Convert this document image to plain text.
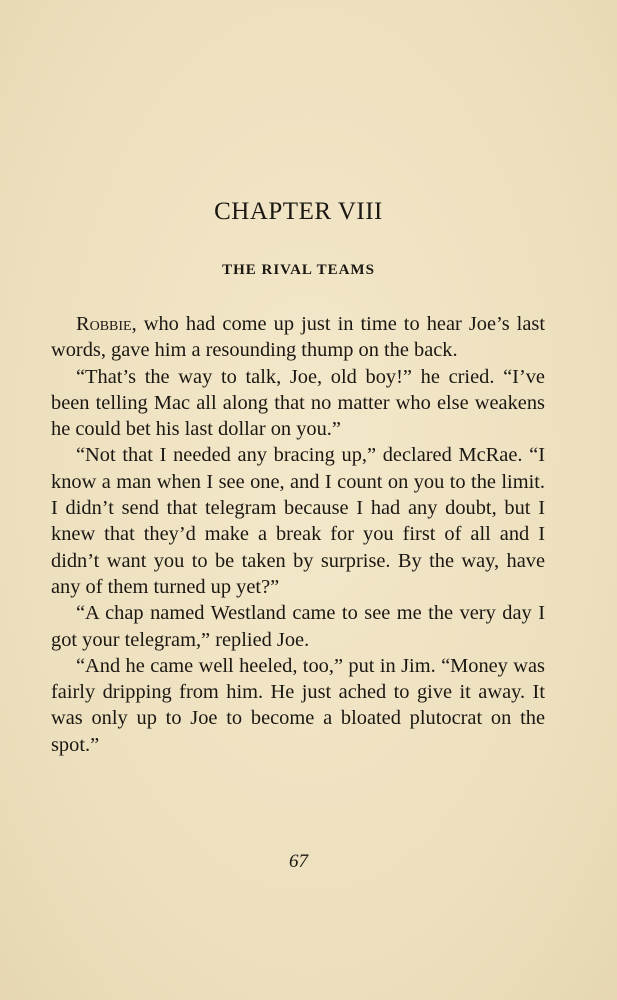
CHAPTER VIII
THE RIVAL TEAMS

Robbie, who had come up just in time to hear Joe’s last words, gave him a resounding thump on the back.

“That’s the way to talk, Joe, old boy!” he cried. “I’ve been telling Mac all along that no matter who else weakens he could bet his last dollar on you.”

“Not that I needed any bracing up,” declared McRae. “I know a man when I see one, and I count on you to the limit. I didn’t send that telegram because I had any doubt, but I knew that they’d make a break for you first of all and I didn’t want you to be taken by surprise. By the way, have any of them turned up yet?”

“A chap named Westland came to see me the very day I got your telegram,” replied Joe.

“And he came well heeled, too,” put in Jim. “Money was fairly dripping from him. He just ached to give it away. It was only up to Joe to become a bloated plutocrat on the spot.”

67
